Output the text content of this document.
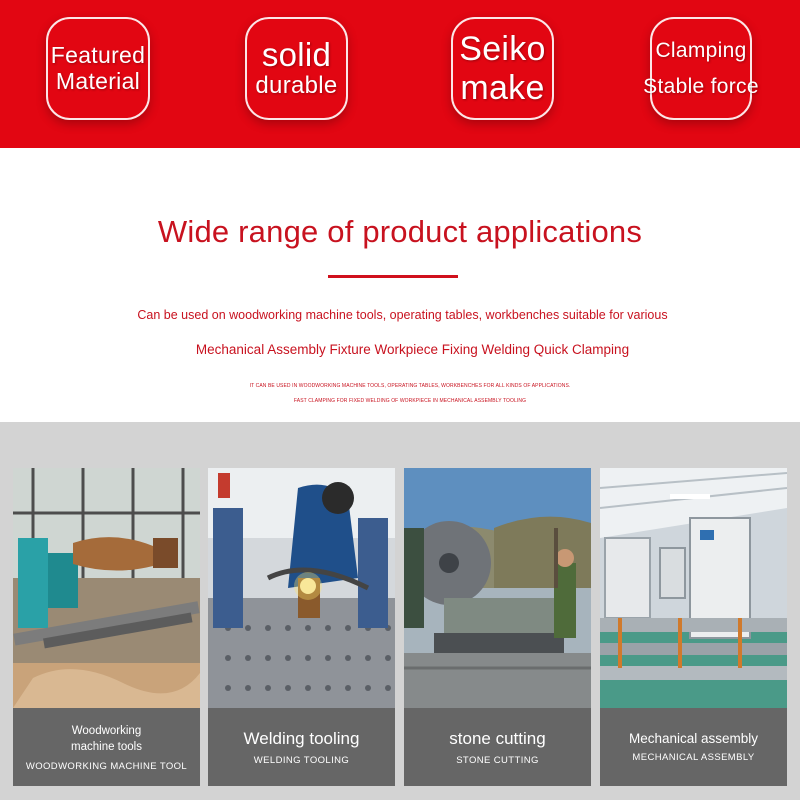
Featured
Material
solid
durable
Seiko
make
Clamping
Stable force
Wide range of product applications
Can be used on woodworking machine tools, operating tables, workbenches suitable for various
Mechanical Assembly Fixture Workpiece Fixing Welding Quick Clamping
IT CAN BE USED IN WOODWORKING MACHINE TOOLS, OPERATING TABLES, WORKBENCHES FOR ALL KINDS OF APPLICATIONS.
FAST CLAMPING FOR FIXED WELDING OF WORKPIECE IN MECHANICAL ASSEMBLY TOOLING
Woodworking machine tools
WOODWORKING MACHINE TOOL
Welding tooling
WELDING TOOLING
stone cutting
STONE CUTTING
Mechanical assembly
MECHANICAL ASSEMBLY
